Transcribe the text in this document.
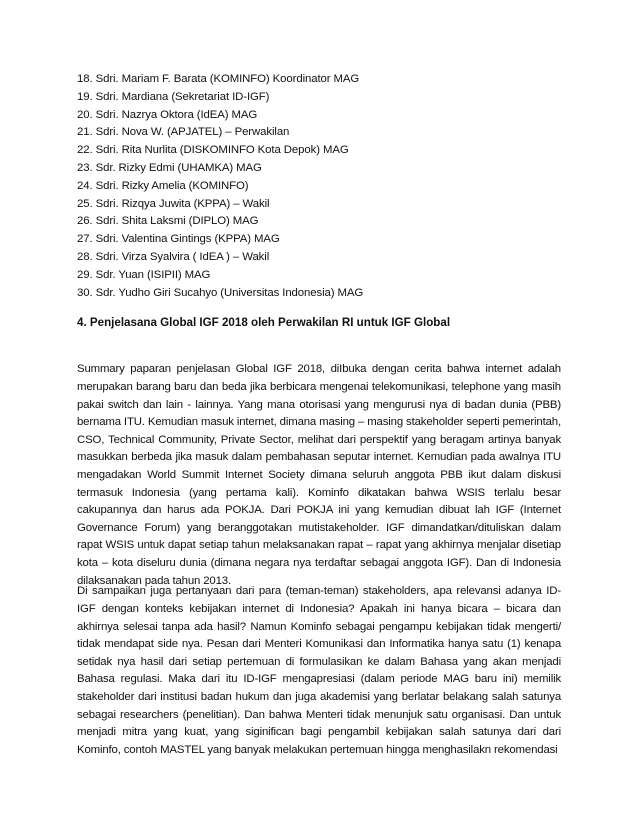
18. Sdri. Mariam F. Barata (KOMINFO) Koordinator MAG
19. Sdri. Mardiana (Sekretariat ID-IGF)
20. Sdri. Nazrya Oktora (IdEA) MAG
21. Sdri. Nova W. (APJATEL) – Perwakilan
22. Sdri. Rita Nurlita (DISKOMINFO Kota Depok) MAG
23. Sdr. Rizky Edmi (UHAMKA) MAG
24. Sdri. Rizky Amelia (KOMINFO)
25. Sdri. Rizqya Juwita (KPPA) – Wakil
26. Sdri. Shita Laksmi (DIPLO) MAG
27. Sdri. Valentina Gintings (KPPA) MAG
28. Sdri. Virza Syalvira ( IdEA ) – Wakil
29. Sdr. Yuan (ISIPII) MAG
30. Sdr. Yudho Giri Sucahyo (Universitas Indonesia) MAG
4. Penjelasana Global IGF 2018 oleh Perwakilan RI untuk IGF Global

Summary paparan penjelasan Global IGF 2018, diIbuka dengan cerita bahwa internet adalah merupakan barang baru dan beda jika berbicara mengenai telekomunikasi, telephone yang masih pakai switch dan lain - lainnya. Yang mana otorisasi yang mengurusi nya di badan dunia (PBB) bernama ITU. Kemudian masuk internet, dimana masing – masing stakeholder seperti pemerintah, CSO, Technical Community, Private Sector, melihat dari perspektif yang beragam artinya banyak masukkan berbeda jika masuk dalam pembahasan seputar internet. Kemudian pada awalnya ITU mengadakan World Summit Internet Society dimana seluruh anggota PBB ikut dalam diskusi termasuk Indonesia (yang pertama kali). Kominfo dikatakan bahwa WSIS terlalu besar cakupannya dan harus ada POKJA. Dari POKJA ini yang kemudian dibuat lah IGF (Internet Governance Forum) yang beranggotakan mutistakeholder. IGF dimandatkan/dituliskan dalam rapat WSIS untuk dapat setiap tahun melaksanakan rapat – rapat yang akhirnya menjalar disetiap kota – kota diseluru dunia (dimana negara nya terdaftar sebagai anggota IGF). Dan di Indonesia dilaksanakan pada tahun 2013.

Di sampaikan juga pertanyaan dari para (teman-teman) stakeholders, apa relevansi adanya ID-IGF dengan konteks kebijakan internet di Indonesia? Apakah ini hanya bicara – bicara dan akhirnya selesai tanpa ada hasil? Namun Kominfo sebagai pengampu kebijakan tidak mengerti/ tidak mendapat side nya. Pesan dari Menteri Komunikasi dan Informatika hanya satu (1) kenapa setidak nya hasil dari setiap pertemuan di formulasikan ke dalam Bahasa yang akan menjadi Bahasa regulasi. Maka dari itu ID-IGF mengapresiasi (dalam periode MAG baru ini) memilik stakeholder dari institusi badan hukum dan juga akademisi yang berlatar belakang salah satunya sebagai researchers (penelitian). Dan bahwa Menteri tidak menunjuk satu organisasi. Dan untuk menjadi mitra yang kuat, yang siginifican bagi pengambil kebijakan salah satunya dari dari Kominfo, contoh MASTEL yang banyak melakukan pertemuan hingga menghasilakn rekomendasi
